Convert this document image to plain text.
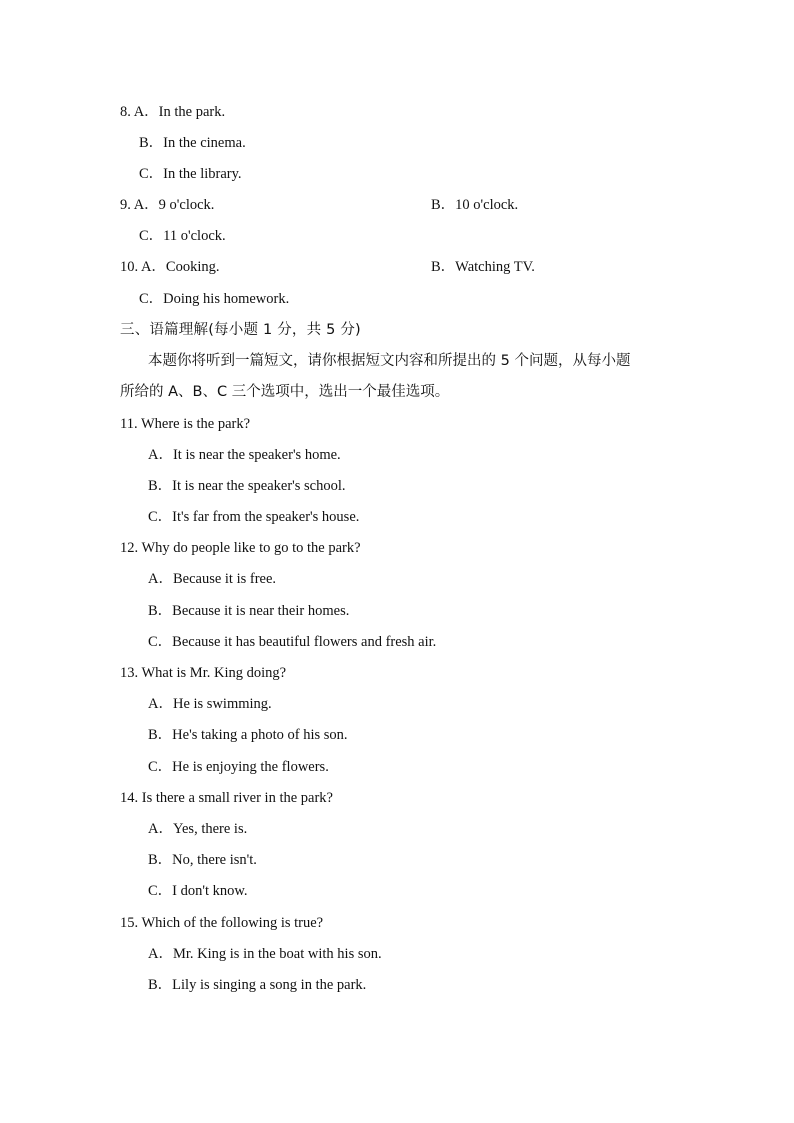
8. A．In the park.
B．In the cinema.
C．In the library.
9. A．9 o'clock.	B．10 o'clock.
C．11 o'clock.
10. A．Cooking.	B．Watching TV.
C．Doing his homework.
三、语篇理解(每小题 1 分，共 5 分)
本题你将听到一篇短文，请你根据短文内容和所提出的 5 个问题，从每小题
所给的 A、B、C 三个选项中，选出一个最佳选项。
11. Where is the park?
A．It is near the speaker's home.
B．It is near the speaker's school.
C．It's far from the speaker's house.
12. Why do people like to go to the park?
A．Because it is free.
B．Because it is near their homes.
C．Because it has beautiful flowers and fresh air.
13. What is Mr. King doing?
A．He is swimming.
B．He's taking a photo of his son.
C．He is enjoying the flowers.
14. Is there a small river in the park?
A．Yes, there is.
B．No, there isn't.
C．I don't know.
15. Which of the following is true?
A．Mr. King is in the boat with his son.
B．Lily is singing a song in the park.
